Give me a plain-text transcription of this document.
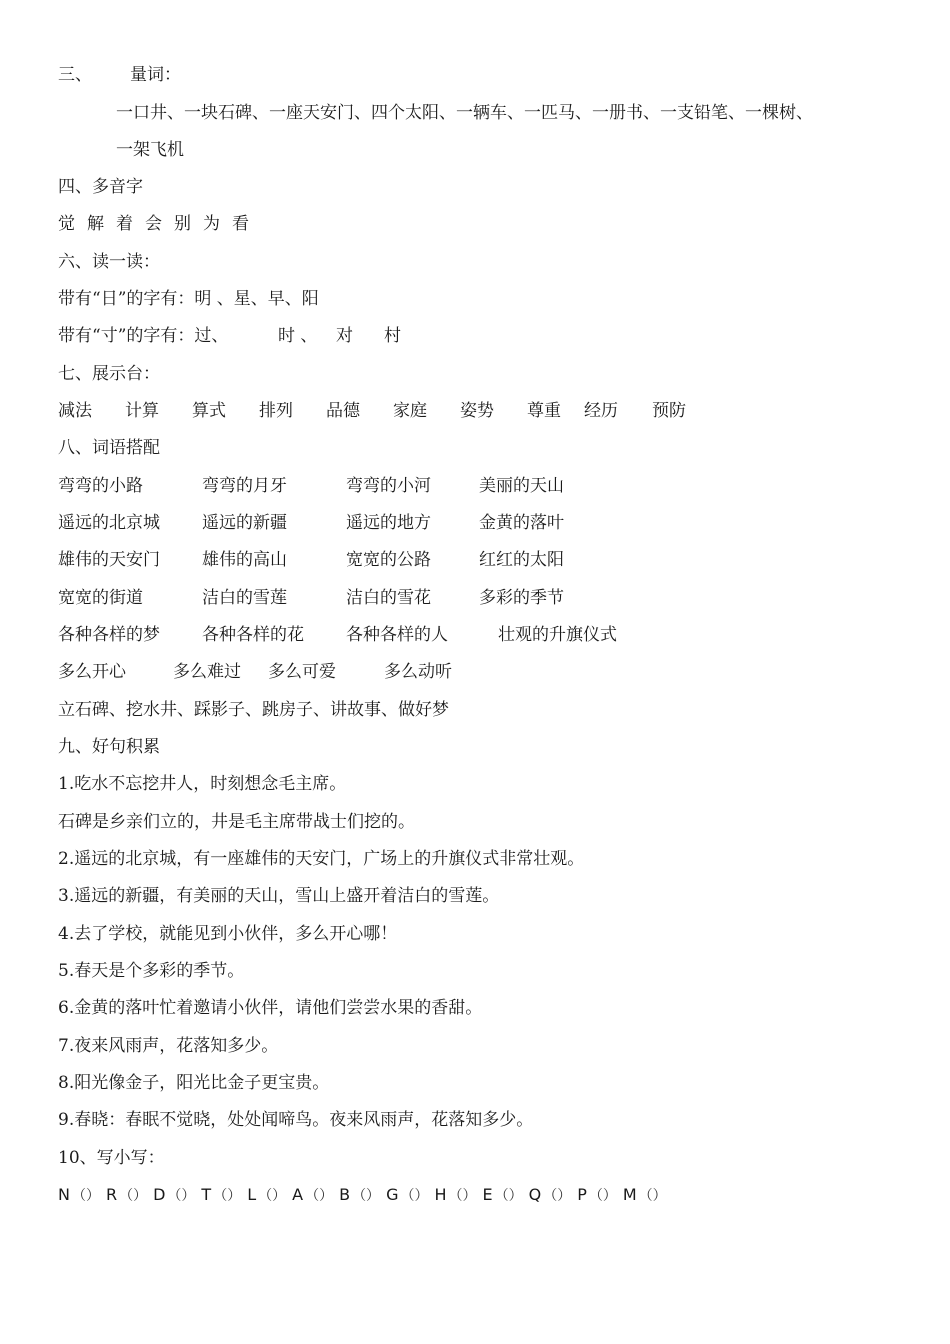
三、 量词：
一口井、一块石碑、一座天安门、四个太阳、一辆车、一匹马、一册书、一支铅笔、一棵树、
一架飞机
四、多音字
觉 解 着 会 别 为 看
六、读一读：
带有“日”的字有：明 、星、早、阳
带有“寸”的字有：过、	时 、 对 村
七、展示台：
减法 计算 算式 排列 品德 家庭 姿势 尊重 经历 预防
八、词语搭配
弯弯的小路	弯弯的月牙	弯弯的小河	美丽的天山
遥远的北京城 遥远的新疆	遥远的地方	金黄的落叶
雄伟的天安门 雄伟的高山	宽宽的公路	红红的太阳
宽宽的街道	洁白的雪莲	洁白的雪花	多彩的季节
各种各样的梦 各种各样的花 各种各样的人	壮观的升旗仪式
多么开心	多么难过 多么可爱	多么动听
立石碑、挖水井、踩影子、跳房子、讲故事、做好梦
九、好句积累
1.吃水不忘挖井人，时刻想念毛主席。
石碑是乡亲们立的，井是毛主席带战士们挖的。
2.遥远的北京城，有一座雄伟的天安门，广场上的升旗仪式非常壮观。
3.遥远的新疆，有美丽的天山，雪山上盛开着洁白的雪莲。
4.去了学校，就能见到小伙伴，多么开心哪！
5.春天是个多彩的季节。
6.金黄的落叶忙着邀请小伙伴，请他们尝尝水果的香甜。
7.夜来风雨声，花落知多少。
8.阳光像金子，阳光比金子更宝贵。
9.春晓：春眠不觉晓，处处闻啼鸟。夜来风雨声，花落知多少。
10、写小写：
N （） R （） D （） T （） L （） A （） B （） G （） H （） E （） Q （） P （） M （）
